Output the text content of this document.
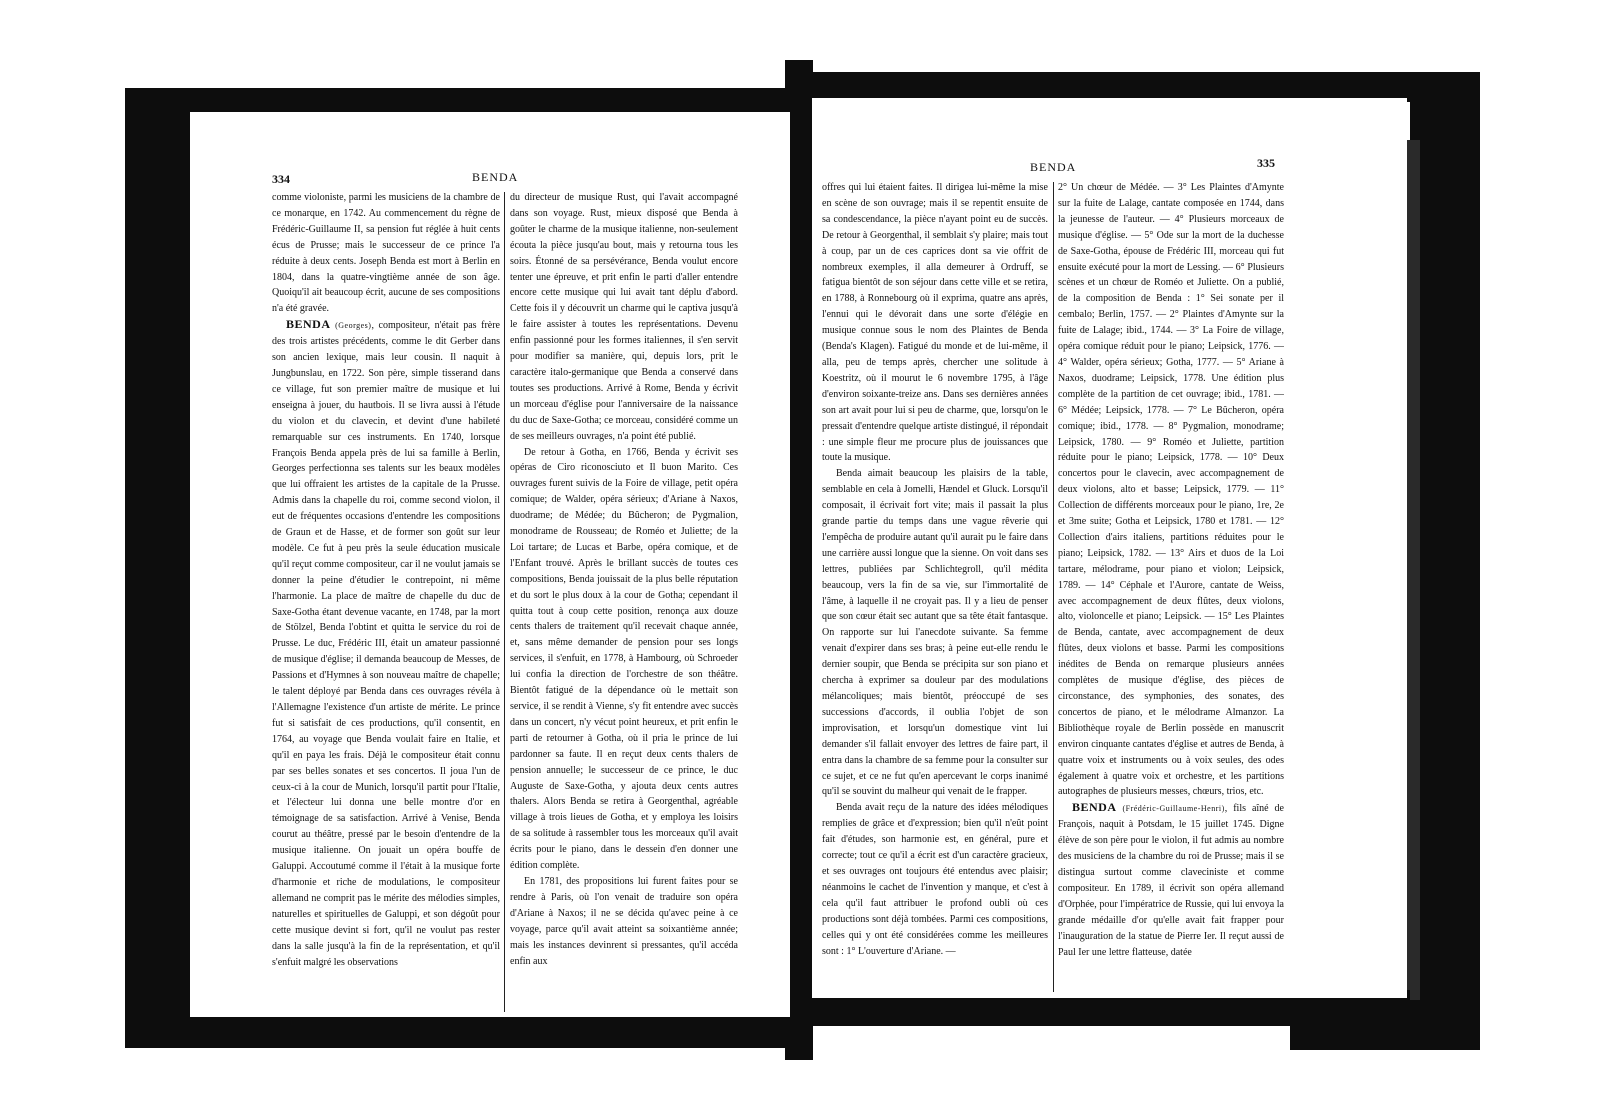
334	BENDA

comme violoniste, parmi les musiciens de la chambre de ce monarque, en 1742. Au commencement du règne de Frédéric-Guillaume II, sa pension fut réglée à huit cents écus de Prusse; mais le successeur de ce prince l'a réduite à deux cents. Joseph Benda est mort à Berlin en 1804, dans la quatre-vingtième année de son âge. Quoiqu'il ait beaucoup écrit, aucune de ses compositions n'a été gravée.

BENDA (Georges), compositeur, n'était pas frère des trois artistes précédents, comme le dit Gerber dans son ancien lexique, mais leur cousin. Il naquit à Jungbunslau, en 1722. Son père, simple tisserand dans ce village, fut son premier maître de musique et lui enseigna à jouer, du hautbois. Il se livra aussi à l'étude du violon et du clavecin, et devint d'une habileté remarquable sur ces instruments. En 1740, lorsque François Benda appela près de lui sa famille à Berlin, Georges perfectionna ses talents sur les beaux modèles que lui offraient les artistes de la capitale de la Prusse. Admis dans la chapelle du roi, comme second violon, il eut de fréquentes occasions d'entendre les compositions de Graun et de Hasse, et de former son goût sur leur modèle. Ce fut à peu près la seule éducation musicale qu'il reçut comme compositeur, car il ne voulut jamais se donner la peine d'étudier le contrepoint, ni même l'harmonie. La place de maître de chapelle du duc de Saxe-Gotha étant devenue vacante, en 1748, par la mort de Stölzel, Benda l'obtint et quitta le service du roi de Prusse. Le duc, Frédéric III, était un amateur passionné de musique d'église; il demanda beaucoup de Messes, de Passions et d'Hymnes à son nouveau maître de chapelle; le talent déployé par Benda dans ces ouvrages révéla à l'Allemagne l'existence d'un artiste de mérite. Le prince fut si satisfait de ces productions, qu'il consentit, en 1764, au voyage que Benda voulait faire en Italie, et qu'il en paya les frais. Déjà le compositeur était connu par ses belles sonates et ses concertos. Il joua l'un de ceux-ci à la cour de Munich, lorsqu'il partit pour l'Italie, et l'électeur lui donna une belle montre d'or en témoignage de sa satisfaction. Arrivé à Venise, Benda courut au théâtre, pressé par le besoin d'entendre de la musique italienne. On jouait un opéra bouffe de Galuppi. Accoutumé comme il l'était à la musique forte d'harmonie et riche de modulations, le compositeur allemand ne comprit pas le mérite des mélodies simples, naturelles et spirituelles de Galuppi, et son dégoût pour cette musique devint si fort, qu'il ne voulut pas rester dans la salle jusqu'à la fin de la représentation, et qu'il s'enfuit malgré les observations

du directeur de musique Rust, qui l'avait accompagné dans son voyage. Rust, mieux disposé que Benda à goûter le charme de la musique italienne, non-seulement écouta la pièce jusqu'au bout, mais y retourna tous les soirs. Étonné de sa persévérance, Benda voulut encore tenter une épreuve, et prit enfin le parti d'aller entendre encore cette musique qui lui avait tant déplu d'abord. Cette fois il y découvrit un charme qui le captiva jusqu'à le faire assister à toutes les représentations. Devenu enfin passionné pour les formes italiennes, il s'en servit pour modifier sa manière, qui, depuis lors, prit le caractère italo-germanique que Benda a conservé dans toutes ses productions. Arrivé à Rome, Benda y écrivit un morceau d'église pour l'anniversaire de la naissance du duc de Saxe-Gotha; ce morceau, considéré comme un de ses meilleurs ouvrages, n'a point été publié.

De retour à Gotha, en 1766, Benda y écrivit ses opéras de Ciro riconosciuto et Il buon Marito. Ces ouvrages furent suivis de la Foire de village, petit opéra comique; de Walder, opéra sérieux; d'Ariane à Naxos, duodrame; de Médée; du Bûcheron; de Pygmalion, monodrame de Rousseau; de Roméo et Juliette; de la Loi tartare; de Lucas et Barbe, opéra comique, et de l'Enfant trouvé. Après le brillant succès de toutes ces compositions, Benda jouissait de la plus belle réputation et du sort le plus doux à la cour de Gotha; cependant il quitta tout à coup cette position, renonça aux douze cents thalers de traitement qu'il recevait chaque année, et, sans même demander de pension pour ses longs services, il s'enfuit, en 1778, à Hambourg, où Schroeder lui confia la direction de l'orchestre de son théâtre. Bientôt fatigué de la dépendance où le mettait son service, il se rendit à Vienne, s'y fit entendre avec succès dans un concert, n'y vécut point heureux, et prit enfin le parti de retourner à Gotha, où il pria le prince de lui pardonner sa faute. Il en reçut deux cents thalers de pension annuelle; le successeur de ce prince, le duc Auguste de Saxe-Gotha, y ajouta deux cents autres thalers. Alors Benda se retira à Georgenthal, agréable village à trois lieues de Gotha, et y employa les loisirs de sa solitude à rassembler tous les morceaux qu'il avait écrits pour le piano, dans le dessein d'en donner une édition complète.

En 1781, des propositions lui furent faites pour se rendre à Paris, où l'on venait de traduire son opéra d'Ariane à Naxos; il ne se décida qu'avec peine à ce voyage, parce qu'il avait atteint sa soixantième année; mais les instances devinrent si pressantes, qu'il accéda enfin aux

BENDA	335

offres qui lui étaient faites. Il dirigea lui-même la mise en scène de son ouvrage; mais il se repentit ensuite de sa condescendance, la pièce n'ayant point eu de succès. De retour à Georgenthal, il semblait s'y plaire; mais tout à coup, par un de ces caprices dont sa vie offrit de nombreux exemples, il alla demeurer à Ordruff, se fatigua bientôt de son séjour dans cette ville et se retira, en 1788, à Ronnebourg où il exprima, quatre ans après, l'ennui qui le dévorait dans une sorte d'élégie en musique connue sous le nom des Plaintes de Benda (Benda's Klagen). Fatigué du monde et de lui-même, il alla, peu de temps après, chercher une solitude à Koestritz, où il mourut le 6 novembre 1795, à l'âge d'environ soixante-treize ans. Dans ses dernières années son art avait pour lui si peu de charme, que, lorsqu'on le pressait d'entendre quelque artiste distingué, il répondait : une simple fleur me procure plus de jouissances que toute la musique.

Benda aimait beaucoup les plaisirs de la table, semblable en cela à Jomelli, Hændel et Gluck. Lorsqu'il composait, il écrivait fort vite; mais il passait la plus grande partie du temps dans une vague rêverie qui l'empêcha de produire autant qu'il aurait pu le faire dans une carrière aussi longue que la sienne. On voit dans ses lettres, publiées par Schlichtegroll, qu'il médita beaucoup, vers la fin de sa vie, sur l'immortalité de l'âme, à laquelle il ne croyait pas. Il y a lieu de penser que son cœur était sec autant que sa tête était fantasque. On rapporte sur lui l'anecdote suivante. Sa femme venait d'expirer dans ses bras; à peine eut-elle rendu le dernier soupir, que Benda se précipita sur son piano et chercha à exprimer sa douleur par des modulations mélancoliques; mais bientôt, préoccupé de ses successions d'accords, il oublia l'objet de son improvisation, et lorsqu'un domestique vint lui demander s'il fallait envoyer des lettres de faire part, il entra dans la chambre de sa femme pour la consulter sur ce sujet, et ce ne fut qu'en apercevant le corps inanimé qu'il se souvint du malheur qui venait de le frapper.

Benda avait reçu de la nature des idées mélodiques remplies de grâce et d'expression; bien qu'il n'eût point fait d'études, son harmonie est, en général, pure et correcte; tout ce qu'il a écrit est d'un caractère gracieux, et ses ouvrages ont toujours été entendus avec plaisir; néanmoins le cachet de l'invention y manque, et c'est à cela qu'il faut attribuer le profond oubli où ces productions sont déjà tombées. Parmi ces compositions, celles qui y ont été considérées comme les meilleures sont : 1° L'ouverture d'Ariane. —

2° Un chœur de Médée. — 3° Les Plaintes d'Amynte sur la fuite de Lalage, cantate composée en 1744, dans la jeunesse de l'auteur. — 4° Plusieurs morceaux de musique d'église. — 5° Ode sur la mort de la duchesse de Saxe-Gotha, épouse de Frédéric III, morceau qui fut ensuite exécuté pour la mort de Lessing. — 6° Plusieurs scènes et un chœur de Roméo et Juliette. On a publié, de la composition de Benda : 1° Sei sonate per il cembalo; Berlin, 1757. — 2° Plaintes d'Amynte sur la fuite de Lalage; ibid., 1744. — 3° La Foire de village, opéra comique réduit pour le piano; Leipsick, 1776. — 4° Walder, opéra sérieux; Gotha, 1777. — 5° Ariane à Naxos, duodrame; Leipsick, 1778. Une édition plus complète de la partition de cet ouvrage; ibid., 1781. — 6° Médée; Leipsick, 1778. — 7° Le Bûcheron, opéra comique; ibid., 1778. — 8° Pygmalion, monodrame; Leipsick, 1780. — 9° Roméo et Juliette, partition réduite pour le piano; Leipsick, 1778. — 10° Deux concertos pour le clavecin, avec accompagnement de deux violons, alto et basse; Leipsick, 1779. — 11° Collection de différents morceaux pour le piano, 1re, 2e et 3me suite; Gotha et Leipsick, 1780 et 1781. — 12° Collection d'airs italiens, partitions réduites pour le piano; Leipsick, 1782. — 13° Airs et duos de la Loi tartare, mélodrame, pour piano et violon; Leipsick, 1789. — 14° Céphale et l'Aurore, cantate de Weiss, avec accompagnement de deux flûtes, deux violons, alto, violoncelle et piano; Leipsick. — 15° Les Plaintes de Benda, cantate, avec accompagnement de deux flûtes, deux violons et basse. Parmi les compositions inédites de Benda on remarque plusieurs années complètes de musique d'église, des pièces de circonstance, des symphonies, des sonates, des concertos de piano, et le mélodrame Almanzor. La Bibliothèque royale de Berlin possède en manuscrit environ cinquante cantates d'église et autres de Benda, à quatre voix et instruments ou à voix seules, des odes également à quatre voix et orchestre, et les partitions autographes de plusieurs messes, chœurs, trios, etc.

BENDA (Frédéric-Guillaume-Henri), fils aîné de François, naquit à Potsdam, le 15 juillet 1745. Digne élève de son père pour le violon, il fut admis au nombre des musiciens de la chambre du roi de Prusse; mais il se distingua surtout comme claveciniste et comme compositeur. En 1789, il écrivit son opéra allemand d'Orphée, pour l'impératrice de Russie, qui lui envoya la grande médaille d'or qu'elle avait fait frapper pour l'inauguration de la statue de Pierre Ier. Il reçut aussi de Paul Ier une lettre flatteuse, datée
